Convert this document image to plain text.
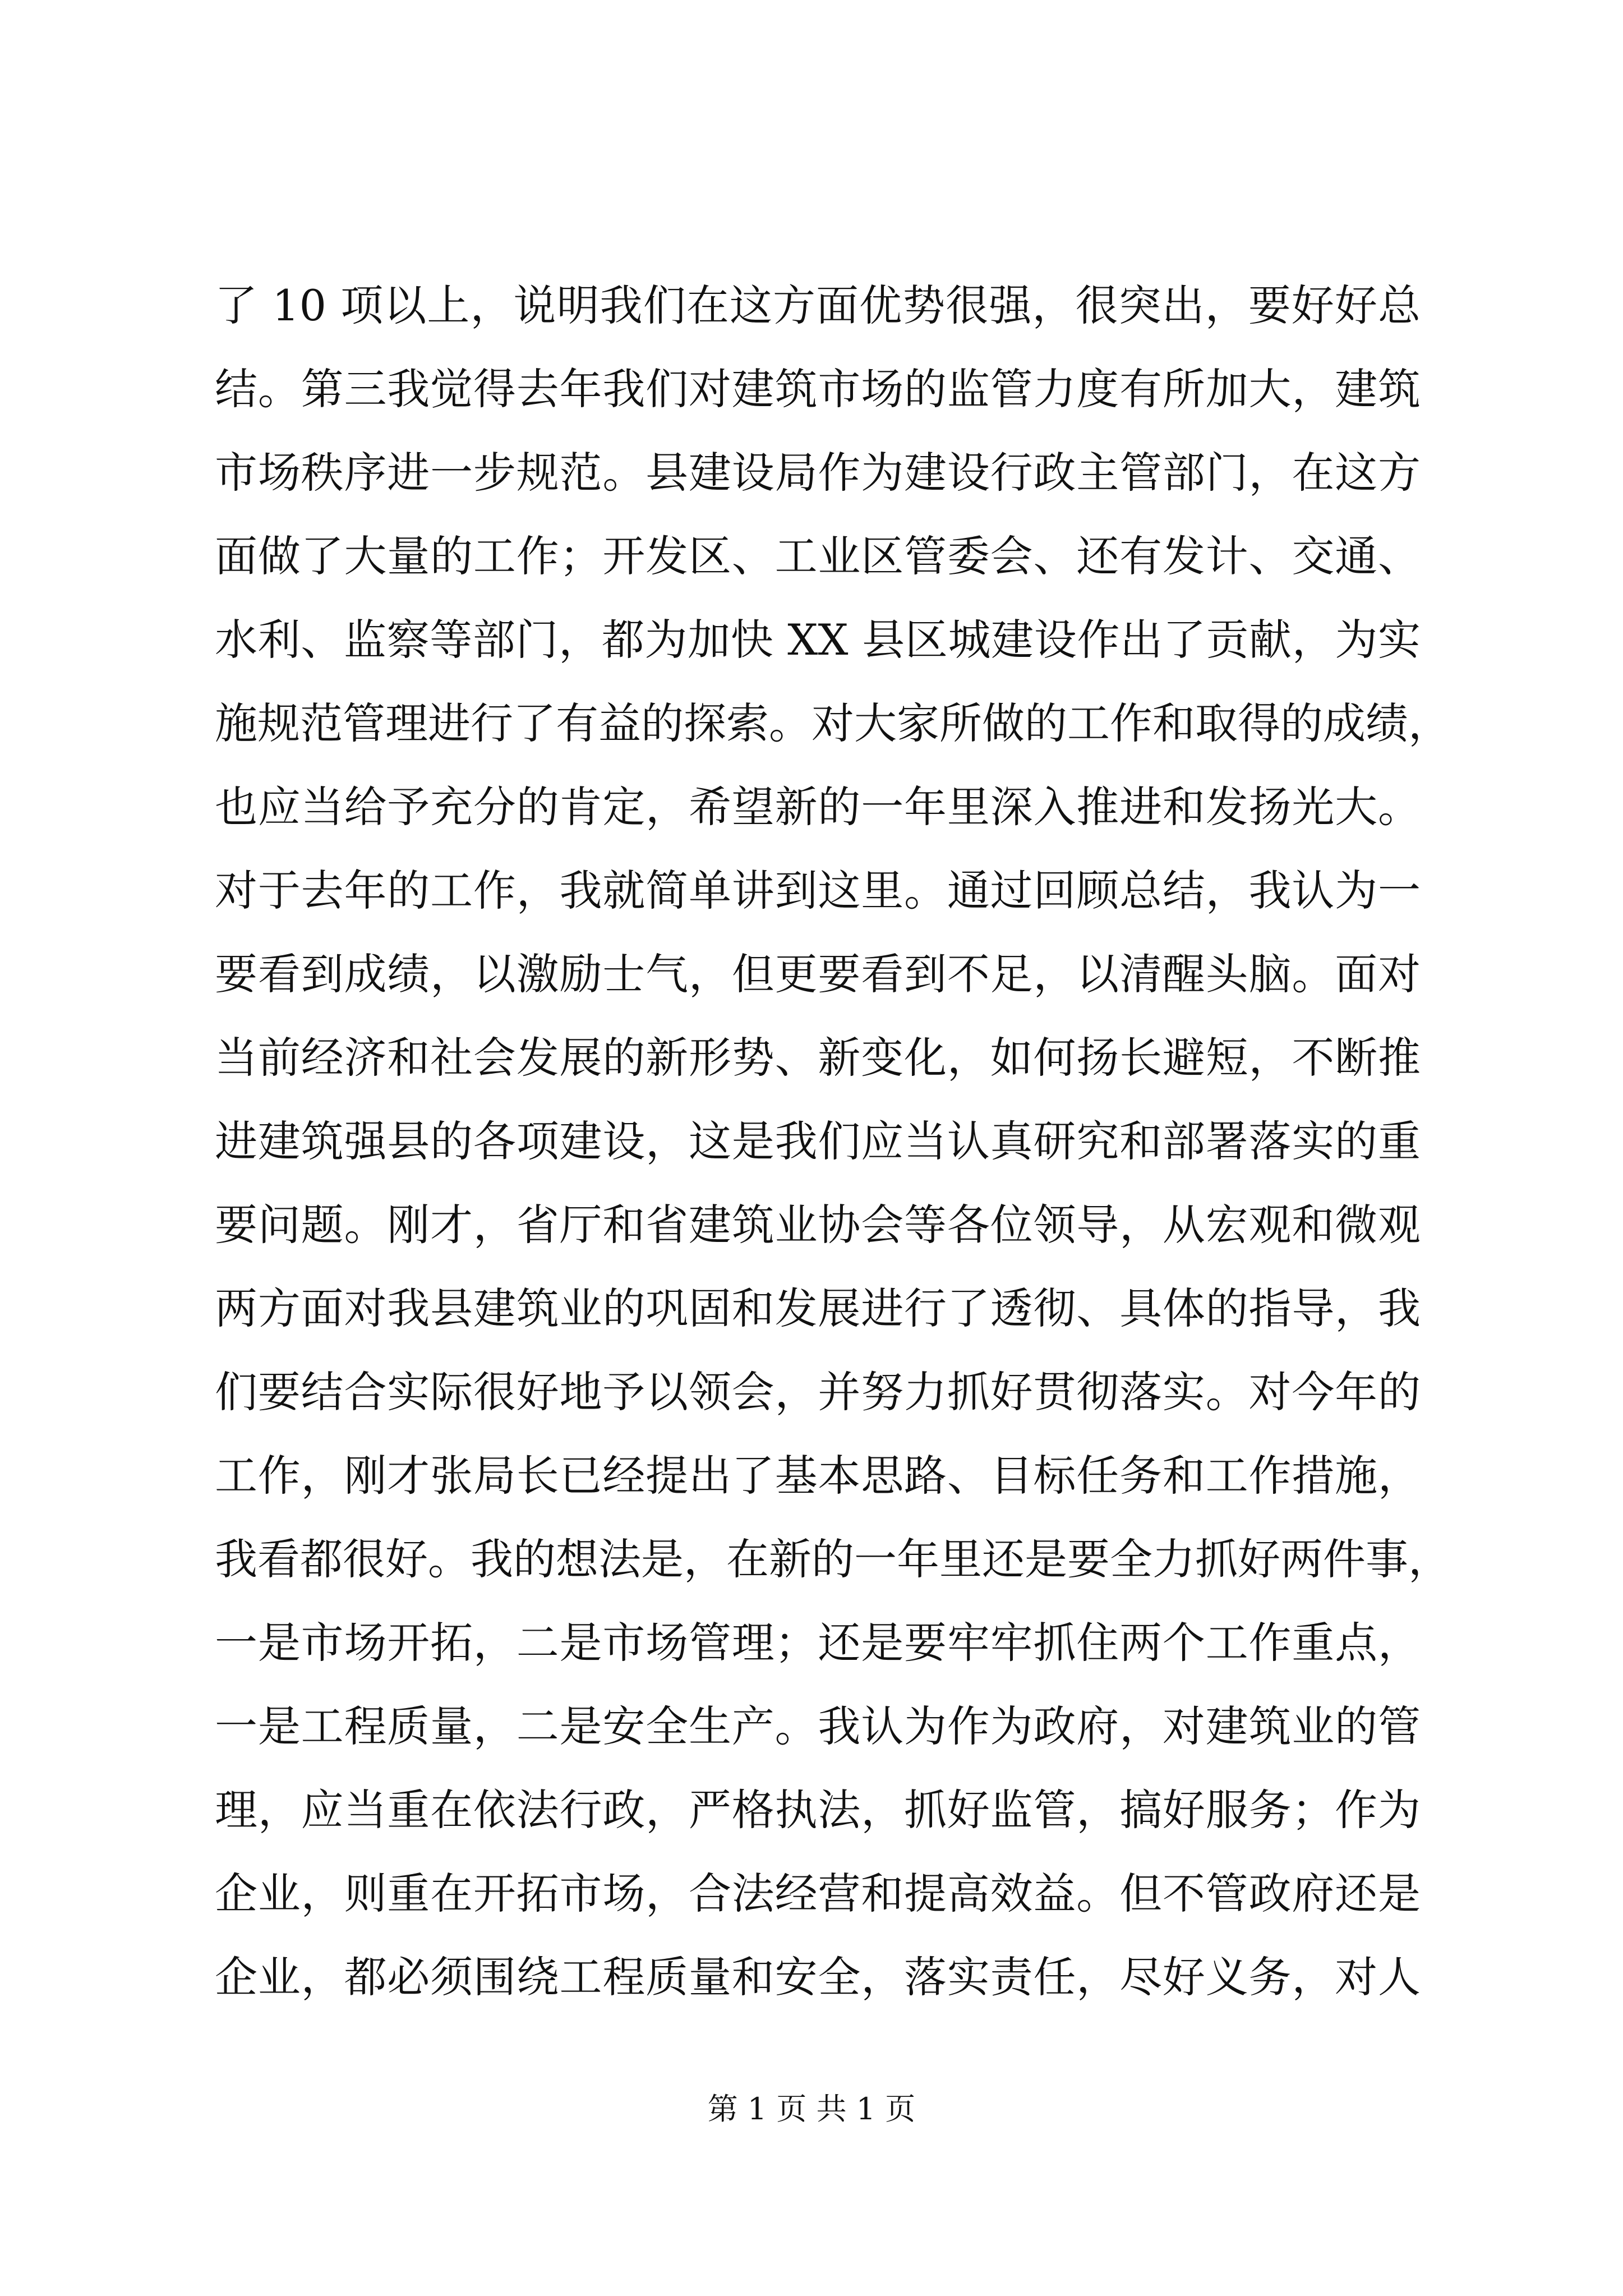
了 10 项以上，说明我们在这方面优势很强，很突出，要好好总
结。第三我觉得去年我们对建筑市场的监管力度有所加大，建筑
市场秩序进一步规范。县建设局作为建设行政主管部门，在这方
面做了大量的工作；开发区、工业区管委会、还有发计、交通、
水利、监察等部门，都为加快 XX 县区城建设作出了贡献，为实
施规范管理进行了有益的探索。对大家所做的工作和取得的成绩，
也应当给予充分的肯定，希望新的一年里深入推进和发扬光大。
对于去年的工作，我就简单讲到这里。通过回顾总结，我认为一
要看到成绩，以激励士气，但更要看到不足，以清醒头脑。面对
当前经济和社会发展的新形势、新变化，如何扬长避短，不断推
进建筑强县的各项建设，这是我们应当认真研究和部署落实的重
要问题。刚才，省厅和省建筑业协会等各位领导，从宏观和微观
两方面对我县建筑业的巩固和发展进行了透彻、具体的指导，我
们要结合实际很好地予以领会，并努力抓好贯彻落实。对今年的
工作，刚才张局长已经提出了基本思路、目标任务和工作措施，
我看都很好。我的想法是，在新的一年里还是要全力抓好两件事，
一是市场开拓，二是市场管理；还是要牢牢抓住两个工作重点，
一是工程质量，二是安全生产。我认为作为政府，对建筑业的管
理，应当重在依法行政，严格执法，抓好监管，搞好服务；作为
企业，则重在开拓市场，合法经营和提高效益。但不管政府还是
企业，都必须围绕工程质量和安全，落实责任，尽好义务，对人
第 1 页 共 1 页
